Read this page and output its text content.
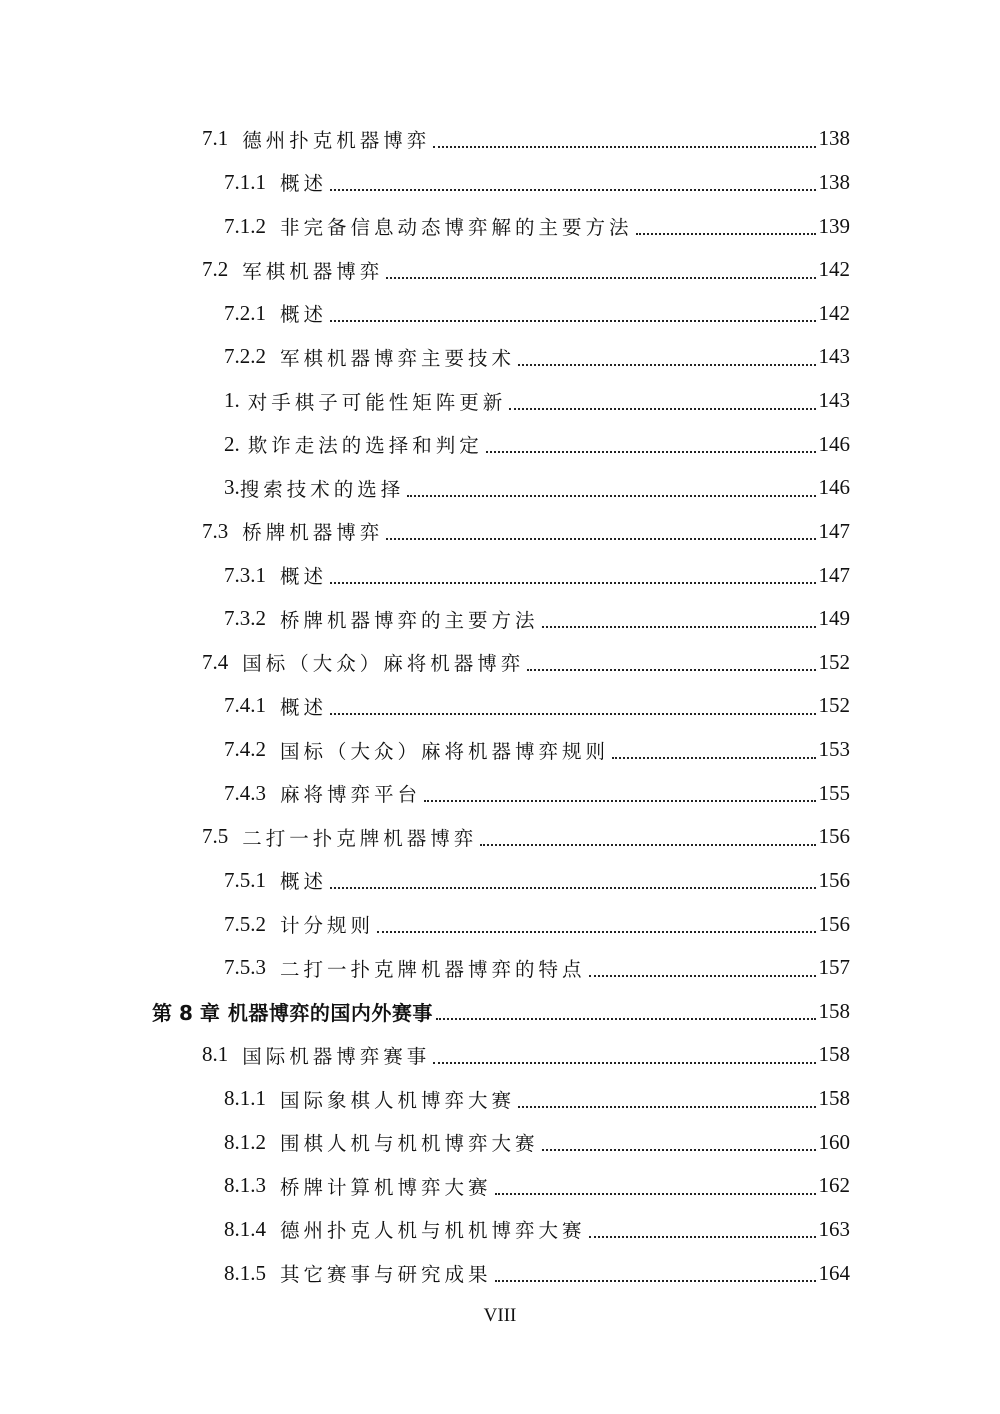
7.1 德州扑克机器博弈	138
7.1.1 概述	138
7.1.2 非完备信息动态博弈解的主要方法	139
7.2 军棋机器博弈	142
7.2.1 概述	142
7.2.2 军棋机器博弈主要技术	143
1. 对手棋子可能性矩阵更新	143
2. 欺诈走法的选择和判定	146
3. 搜索技术的选择	146
7.3 桥牌机器博弈	147
7.3.1 概述	147
7.3.2 桥牌机器博弈的主要方法	149
7.4 国标（大众）麻将机器博弈	152
7.4.1 概述	152
7.4.2 国标（大众）麻将机器博弈规则	153
7.4.3 麻将博弈平台	155
7.5 二打一扑克牌机器博弈	156
7.5.1 概述	156
7.5.2 计分规则	156
7.5.3 二打一扑克牌机器博弈的特点	157
第 8 章 机器博弈的国内外赛事	158
8.1 国际机器博弈赛事	158
8.1.1 国际象棋人机博弈大赛	158
8.1.2 围棋人机与机机博弈大赛	160
8.1.3 桥牌计算机博弈大赛	162
8.1.4 德州扑克人机与机机博弈大赛	163
8.1.5 其它赛事与研究成果	164
VIII
